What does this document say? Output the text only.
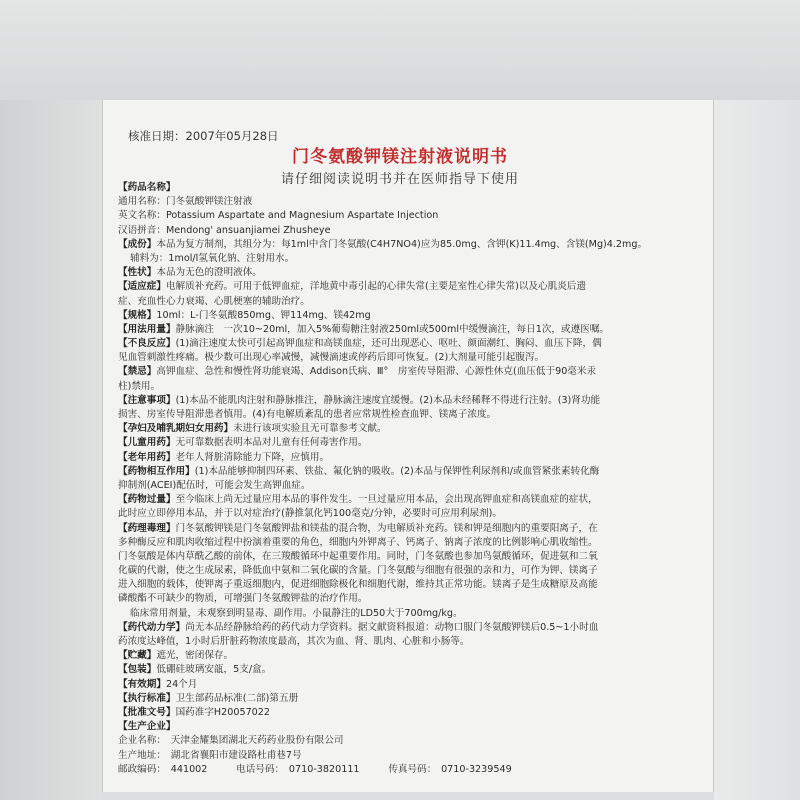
核准日期：2007年05月28日
门冬氨酸钾镁注射液说明书
请仔细阅读说明书并在医师指导下使用
【药品名称】
通用名称：门冬氨酸钾镁注射液
英文名称：Potassium Aspartate and Magnesium Aspartate Injection
汉语拼音：Mendong' ansuanjiamei Zhusheye
【成份】本品为复方制剂，其组分为：每1ml中含门冬氨酸(C4H7NO4)应为85.0mg、含钾(K)11.4mg、含镁(Mg)4.2mg。
辅料为：1mol/l氢氧化钠、注射用水。
【性状】本品为无色的澄明液体。
【适应症】电解质补充药。可用于低钾血症，洋地黄中毒引起的心律失常(主要是室性心律失常)以及心肌炎后遗
症、充血性心力衰竭、心肌梗塞的辅助治疗。
【规格】10ml：L-门冬氨酸850mg、钾114mg、镁42mg
【用法用量】静脉滴注　一次10~20ml，加入5%葡萄糖注射液250ml或500ml中缓慢滴注，每日1次，或遵医嘱。
【不良反应】(1)滴注速度太快可引起高钾血症和高镁血症，还可出现恶心、呕吐、颜面潮红、胸闷、血压下降，偶
见血管刺激性疼痛。极少数可出现心率减慢，减慢滴速或停药后即可恢复。(2)大剂量可能引起腹泻。
【禁忌】高钾血症、急性和慢性肾功能衰竭、Addison氏病、Ⅲ°　房室传导阻滞、心源性休克(血压低于90毫米汞
柱)禁用。
【注意事项】(1)本品不能肌肉注射和静脉推注，静脉滴注速度宜缓慢。(2)本品未经稀释不得进行注射。(3)肾功能
损害、房室传导阻滞患者慎用。(4)有电解质紊乱的患者应常规性检查血钾、镁离子浓度。
【孕妇及哺乳期妇女用药】未进行该项实验且无可靠参考文献。
【儿童用药】无可靠数据表明本品对儿童有任何毒害作用。
【老年用药】老年人肾脏清除能力下降，应慎用。
【药物相互作用】(1)本品能够抑制四环素、铁盐、氟化钠的吸收。(2)本品与保钾性利尿剂和/或血管紧张素转化酶
抑制剂(ACEI)配伍时，可能会发生高钾血症。
【药物过量】至今临床上尚无过量应用本品的事件发生。一旦过量应用本品，会出现高钾血症和高镁血症的症状，
此时应立即停用本品，并于以对症治疗(静推氯化钙100毫克/分钟，必要时可应用利尿剂)。
【药理毒理】门冬氨酸钾镁是门冬氨酸钾盐和镁盐的混合物，为电解质补充药。镁和钾是细胞内的重要阳离子，在
多种酶反应和肌肉收缩过程中扮演着重要的角色，细胞内外钾离子、钙离子、钠离子浓度的比例影响心肌收缩性。
门冬氨酸是体内草酰乙酸的前体，在三羧酸循环中起重要作用。同时，门冬氨酸也参加鸟氨酸循环，促进氨和二氧
化碳的代谢，使之生成尿素，降低血中氨和二氧化碳的含量。门冬氨酸与细胞有很强的亲和力，可作为钾、镁离子
进入细胞的载体，使钾离子重返细胞内，促进细胞除极化和细胞代谢，维持其正常功能。镁离子是生成糖原及高能
磷酸酯不可缺少的物质，可增强门冬氨酸钾盐的治疗作用。
临床常用剂量，未观察到明显毒、副作用。小鼠静注的LD50大于700mg/kg。
【药代动力学】尚无本品经静脉给药的药代动力学资料。据文献资料报道：动物口服门冬氨酸钾镁后0.5~1小时血
药浓度达峰值，1小时后肝脏药物浓度最高，其次为血、肾、肌肉、心脏和小肠等。
【贮藏】遮光，密闭保存。
【包装】低硼硅玻璃安瓿，5支/盒。
【有效期】24个月
【执行标准】卫生部药品标准(二部)第五册
【批准文号】国药准字H20057022
【生产企业】
企业名称：　天津金耀集团湖北天药药业股份有限公司
生产地址：　湖北省襄阳市建设路杜甫巷7号
邮政编码：　441002　　　电话号码：　0710-3820111　　　传真号码：　0710-3239549
